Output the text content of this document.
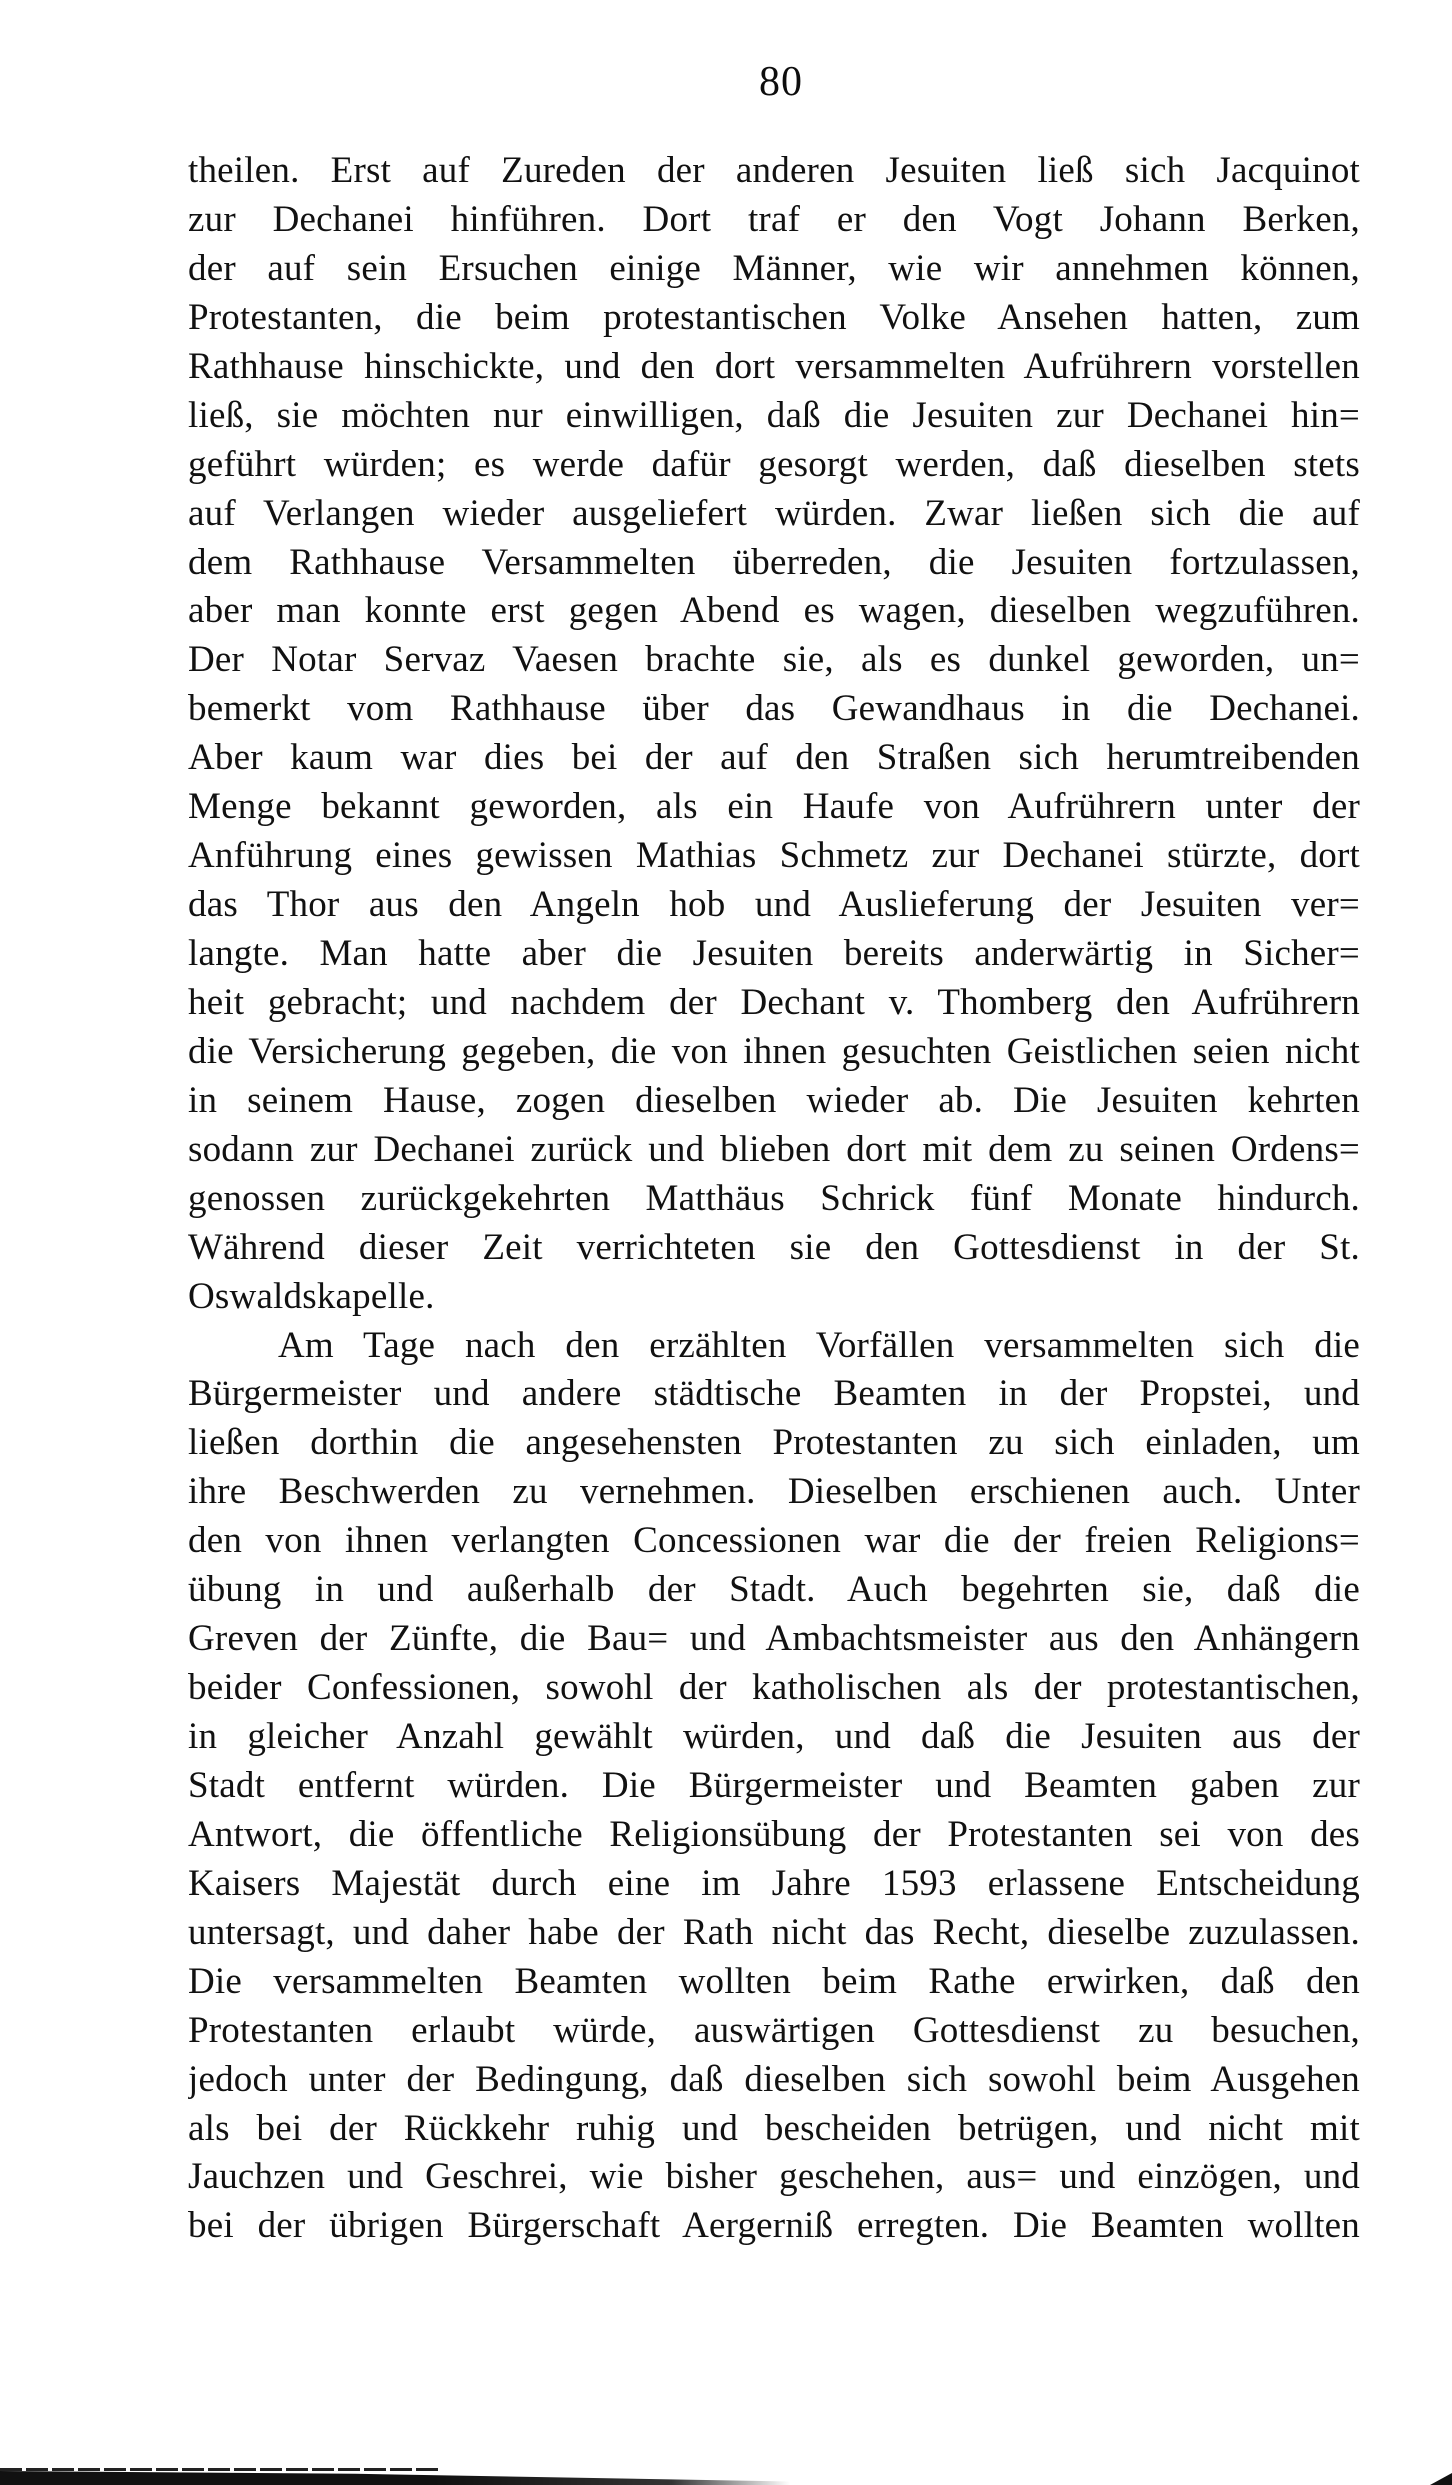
80
theilen. Erst auf Zureden der anderen Jesuiten ließ sich Jacquinot
zur Dechanei hinführen. Dort traf er den Vogt Johann Berken,
der auf sein Ersuchen einige Männer, wie wir annehmen können,
Protestanten, die beim protestantischen Volke Ansehen hatten, zum
Rathhause hinschickte, und den dort versammelten Aufrührern vorstellen
ließ, sie möchten nur einwilligen, daß die Jesuiten zur Dechanei hin=
geführt würden; es werde dafür gesorgt werden, daß dieselben stets
auf Verlangen wieder ausgeliefert würden. Zwar ließen sich die auf
dem Rathhause Versammelten überreden, die Jesuiten fortzulassen,
aber man konnte erst gegen Abend es wagen, dieselben wegzuführen.
Der Notar Servaz Vaesen brachte sie, als es dunkel geworden, un=
bemerkt vom Rathhause über das Gewandhaus in die Dechanei.
Aber kaum war dies bei der auf den Straßen sich herumtreibenden
Menge bekannt geworden, als ein Haufe von Aufrührern unter der
Anführung eines gewissen Mathias Schmetz zur Dechanei stürzte, dort
das Thor aus den Angeln hob und Auslieferung der Jesuiten ver=
langte. Man hatte aber die Jesuiten bereits anderwärtig in Sicher=
heit gebracht; und nachdem der Dechant v. Thomberg den Aufrührern
die Versicherung gegeben, die von ihnen gesuchten Geistlichen seien nicht
in seinem Hause, zogen dieselben wieder ab. Die Jesuiten kehrten
sodann zur Dechanei zurück und blieben dort mit dem zu seinen Ordens=
genossen zurückgekehrten Matthäus Schrick fünf Monate hindurch.
Während dieser Zeit verrichteten sie den Gottesdienst in der St.
Oswaldskapelle.
Am Tage nach den erzählten Vorfällen versammelten sich die
Bürgermeister und andere städtische Beamten in der Propstei, und
ließen dorthin die angesehensten Protestanten zu sich einladen, um
ihre Beschwerden zu vernehmen. Dieselben erschienen auch. Unter
den von ihnen verlangten Concessionen war die der freien Religions=
übung in und außerhalb der Stadt. Auch begehrten sie, daß die
Greven der Zünfte, die Bau= und Ambachtsmeister aus den Anhängern
beider Confessionen, sowohl der katholischen als der protestantischen,
in gleicher Anzahl gewählt würden, und daß die Jesuiten aus der
Stadt entfernt würden. Die Bürgermeister und Beamten gaben zur
Antwort, die öffentliche Religionsübung der Protestanten sei von des
Kaisers Majestät durch eine im Jahre 1593 erlassene Entscheidung
untersagt, und daher habe der Rath nicht das Recht, dieselbe zuzulassen.
Die versammelten Beamten wollten beim Rathe erwirken, daß den
Protestanten erlaubt würde, auswärtigen Gottesdienst zu besuchen,
jedoch unter der Bedingung, daß dieselben sich sowohl beim Ausgehen
als bei der Rückkehr ruhig und bescheiden betrügen, und nicht mit
Jauchzen und Geschrei, wie bisher geschehen, aus= und einzögen, und
bei der übrigen Bürgerschaft Aergerniß erregten. Die Beamten wollten
